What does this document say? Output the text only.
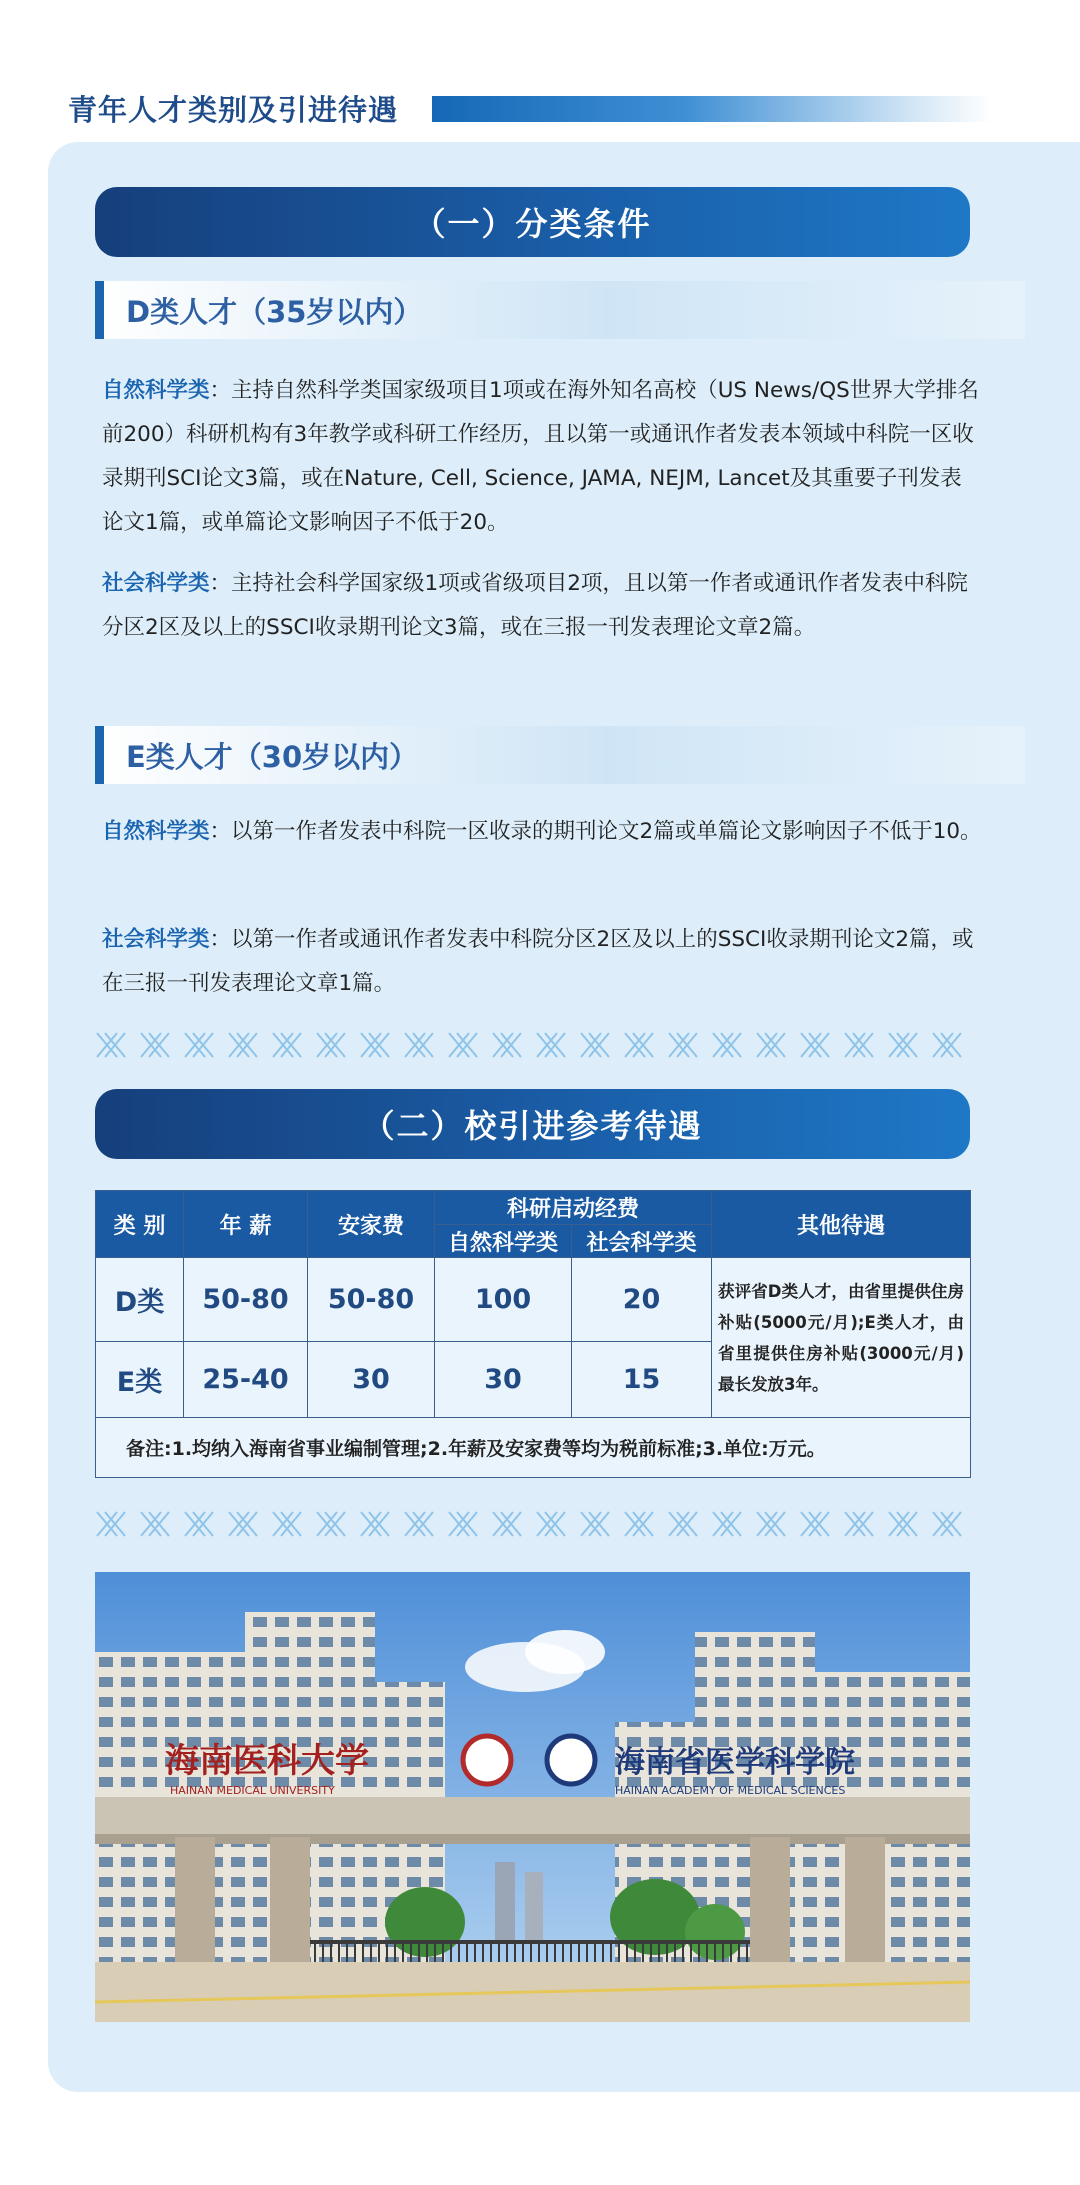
青年人才类别及引进待遇
（一）分类条件
D类人才（35岁以内）

自然科学类：主持自然科学类国家级项目1项或在海外知名高校（US News/QS世界大学排名前200）科研机构有3年教学或科研工作经历，且以第一或通讯作者发表本领域中科院一区收录期刊SCI论文3篇，或在Nature, Cell, Science, JAMA, NEJM, Lancet及其重要子刊发表论文1篇，或单篇论文影响因子不低于20。

社会科学类：主持社会科学国家级1项或省级项目2项，且以第一作者或通讯作者发表中科院分区2区及以上的SSCI收录期刊论文3篇，或在三报一刊发表理论文章2篇。

E类人才（30岁以内）

自然科学类：以第一作者发表中科院一区收录的期刊论文2篇或单篇论文影响因子不低于10。

社会科学类：以第一作者或通讯作者发表中科院分区2区及以上的SSCI收录期刊论文2篇，或在三报一刊发表理论文章1篇。

（二）校引进参考待遇
类 别	年 薪	安家费	科研启动经费		其他待遇
			自然科学类	社会科学类	
D类	50-80	50-80	100	20	获评省D类人才，由省里提供住房补贴(5000元/月);E类人才，由省里提供住房补贴(3000元/月)最长发放3年。
E类	25-40	30	30	15	
备注:1.均纳入海南省事业编制管理;2.年薪及安家费等均为税前标准;3.单位:万元。					
海南医科大学
HAINAN MEDICAL UNIVERSITY
海南省医学科学院
HAINAN ACADEMY OF MEDICAL SCIENCES
